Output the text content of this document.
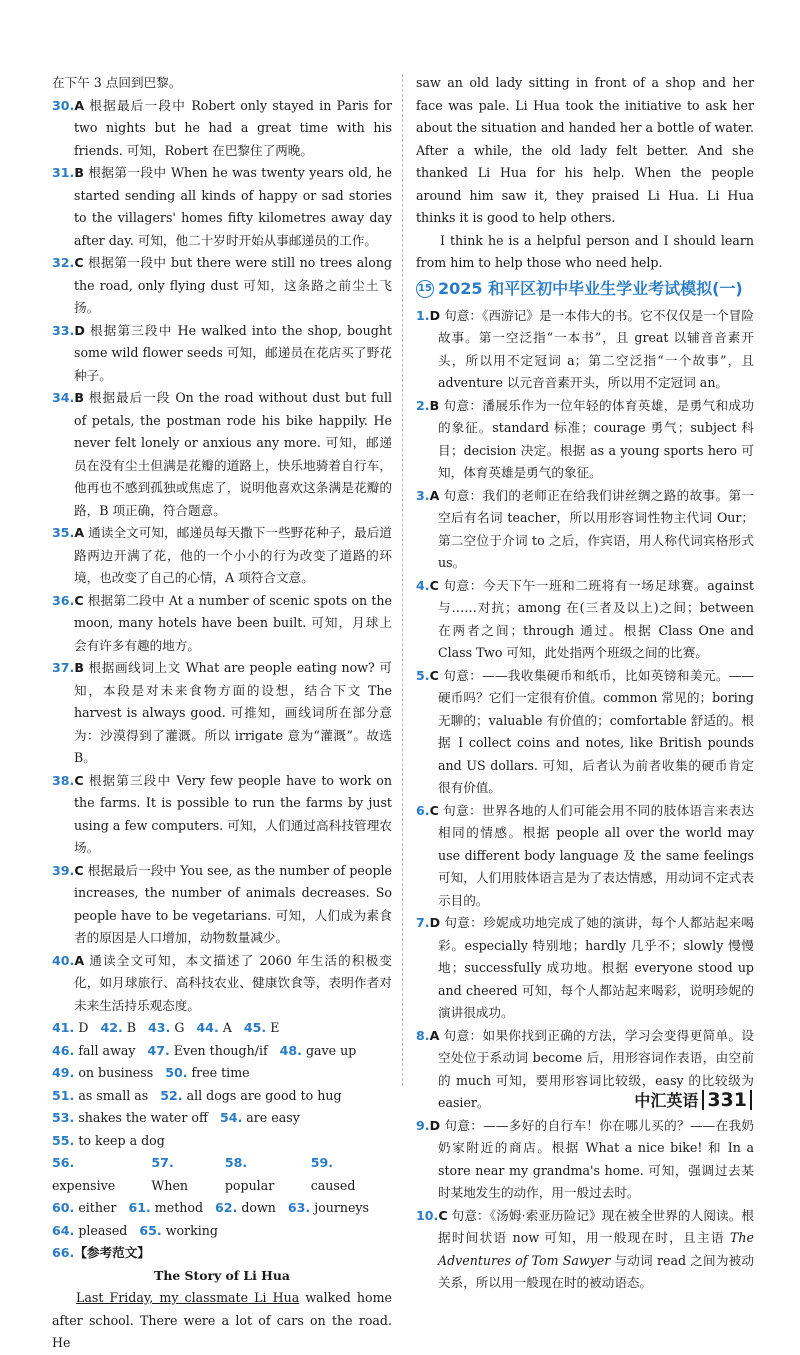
在下午 3 点回到巴黎。
30.A 根据最后一段中 Robert only stayed in Paris for two nights but he had a great time with his friends. 可知，Robert 在巴黎住了两晚。
31.B 根据第一段中 When he was twenty years old, he started sending all kinds of happy or sad stories to the villagers' homes fifty kilometres away day after day. 可知，他二十岁时开始从事邮递员的工作。
32.C 根据第一段中 but there were still no trees along the road, only flying dust 可知，这条路之前尘土飞扬。
33.D 根据第三段中 He walked into the shop, bought some wild flower seeds 可知，邮递员在花店买了野花种子。
34.B 根据最后一段 On the road without dust but full of petals, the postman rode his bike happily. He never felt lonely or anxious any more. 可知，邮递员在没有尘土但满是花瓣的道路上，快乐地骑着自行车，他再也不感到孤独或焦虑了，说明他喜欢这条满是花瓣的路，B 项正确，符合题意。
35.A 通读全文可知，邮递员每天撒下一些野花种子，最后道路两边开满了花，他的一个小小的行为改变了道路的环境，也改变了自己的心情，A 项符合文意。
36.C 根据第二段中 At a number of scenic spots on the moon, many hotels have been built. 可知，月球上会有许多有趣的地方。
37.B 根据画线词上文 What are people eating now? 可知，本段是对未来食物方面的设想，结合下文 The harvest is always good. 可推知，画线词所在部分意为：沙漠得到了灌溉。所以 irrigate 意为“灌溉”。故选 B。
38.C 根据第三段中 Very few people have to work on the farms. It is possible to run the farms by just using a few computers. 可知，人们通过高科技管理农场。
39.C 根据最后一段中 You see, as the number of people increases, the number of animals decreases. So people have to be vegetarians. 可知，人们成为素食者的原因是人口增加，动物数量减少。
40.A 通读全文可知，本文描述了 2060 年生活的积极变化，如月球旅行、高科技农业、健康饮食等，表明作者对未来生活持乐观态度。
41. D 42. B 43. G 44. A 45. E
46. fall away 47. Even though/if 48. gave up
49. on business 50. free time
51. as small as 52. all dogs are good to hug
53. shakes the water off 54. are easy
55. to keep a dog
56. expensive
57. When
58. popular
59. caused
60. either 61. method 62. down 63. journeys
64. pleased 65. working
66.【参考范文】

The Story of Li Hua

Last Friday, my classmate Li Hua walked home after school. There were a lot of cars on the road. He

saw an old lady sitting in front of a shop and her face was pale. Li Hua took the initiative to ask her about the situation and handed her a bottle of water. After a while, the old lady felt better. And she thanked Li Hua for his help. When the people around him saw it, they praised Li Hua. Li Hua thinks it is good to help others.

I think he is a helpful person and I should learn from him to help those who need help.

15 2025 和平区初中毕业生学业考试模拟(一)
1.D 句意：《西游记》是一本伟大的书。它不仅仅是一个冒险故事。第一空泛指“一本书”，且 great 以辅音音素开头，所以用不定冠词 a；第二空泛指“一个故事”，且 adventure 以元音音素开头，所以用不定冠词 an。
2.B 句意：潘展乐作为一位年轻的体育英雄，是勇气和成功的象征。standard 标准；courage 勇气；subject 科目；decision 决定。根据 as a young sports hero 可知，体育英雄是勇气的象征。
3.A 句意：我们的老师正在给我们讲丝绸之路的故事。第一空后有名词 teacher，所以用形容词性物主代词 Our；第二空位于介词 to 之后，作宾语，用人称代词宾格形式 us。
4.C 句意：今天下午一班和二班将有一场足球赛。against 与……对抗；among 在(三者及以上)之间；between 在两者之间；through 通过。根据 Class One and Class Two 可知，此处指两个班级之间的比赛。
5.C 句意：——我收集硬币和纸币，比如英镑和美元。——硬币吗？它们一定很有价值。common 常见的；boring 无聊的；valuable 有价值的；comfortable 舒适的。根据 I collect coins and notes, like British pounds and US dollars. 可知，后者认为前者收集的硬币肯定很有价值。
6.C 句意：世界各地的人们可能会用不同的肢体语言来表达相同的情感。根据 people all over the world may use different body language 及 the same feelings 可知，人们用肢体语言是为了表达情感，用动词不定式表示目的。
7.D 句意：珍妮成功地完成了她的演讲，每个人都站起来喝彩。especially 特别地；hardly 几乎不；slowly 慢慢地；successfully 成功地。根据 everyone stood up and cheered 可知，每个人都站起来喝彩，说明珍妮的演讲很成功。
8.A 句意：如果你找到正确的方法，学习会变得更简单。设空处位于系动词 become 后，用形容词作表语，由空前的 much 可知，要用形容词比较级，easy 的比较级为 easier。
9.D 句意：——多好的自行车！你在哪儿买的？——在我奶奶家附近的商店。根据 What a nice bike! 和 In a store near my grandma's home. 可知，强调过去某时某地发生的动作，用一般过去时。
10.C 句意：《汤姆·索亚历险记》现在被全世界的人阅读。根据时间状语 now 可知，用一般现在时，且主语 The Adventures of Tom Sawyer 与动词 read 之间为被动关系，所以用一般现在时的被动语态。
中汇英语 331
